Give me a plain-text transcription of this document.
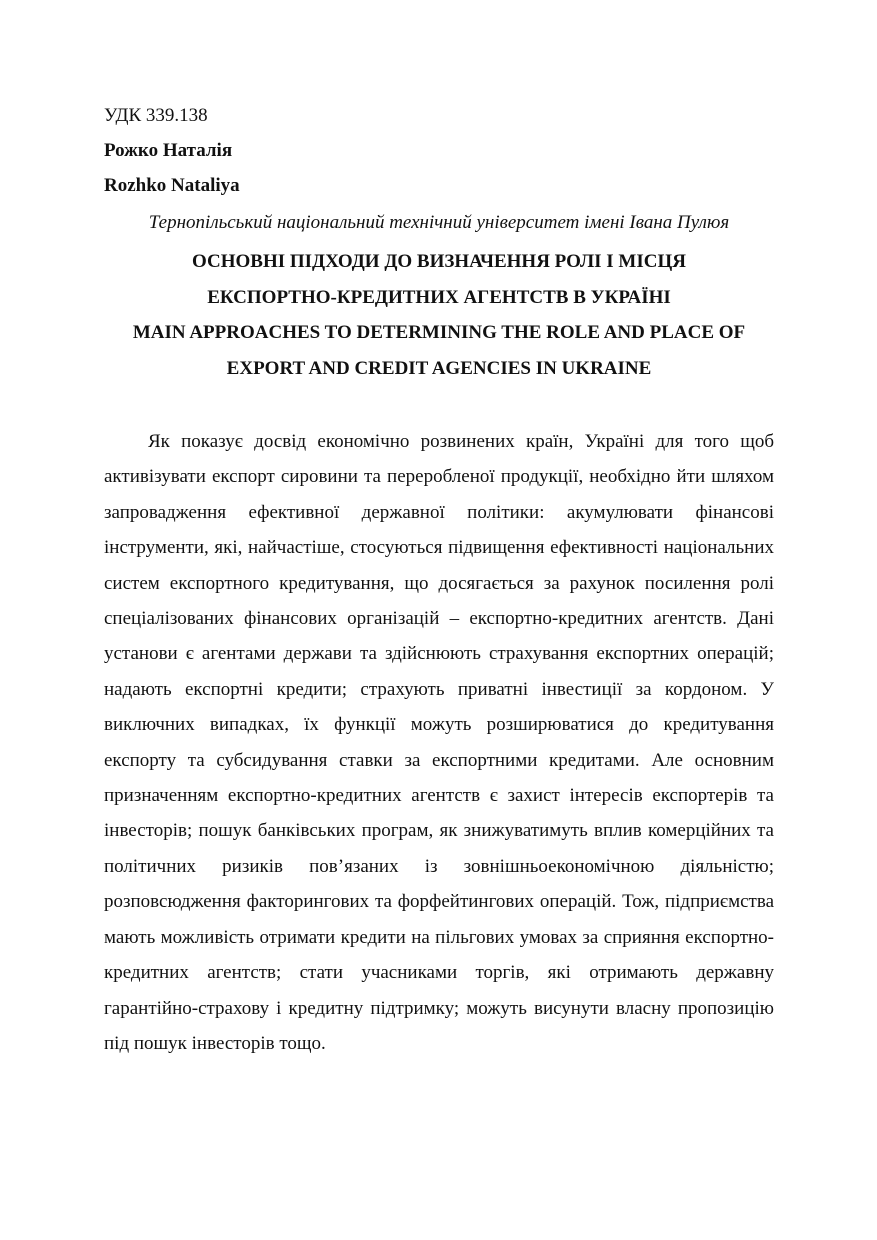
УДК 339.138
Рожко Наталія
Rozhko Nataliya
Тернопільський національний технічний університет імені Івана Пулюя
ОСНОВНІ ПІДХОДИ ДО ВИЗНАЧЕННЯ РОЛІ І МІСЦЯ
ЕКСПОРТНО-КРЕДИТНИХ АГЕНТСТВ В УКРАЇНІ
MAIN APPROACHES TO DETERMINING THE ROLE AND PLACE OF
EXPORT AND CREDIT AGENCIES IN UKRAINE

Як показує досвід економічно розвинених країн, Україні для того щоб активізувати експорт сировини та переробленої продукції, необхідно йти шляхом запровадження ефективної державної політики: акумулювати фінансові інструменти, які, найчастіше, стосуються підвищення ефективності національних систем експортного кредитування, що досягається за рахунок посилення ролі спеціалізованих фінансових організацій – експортно-кредитних агентств. Дані установи є агентами держави та здійснюють страхування експортних операцій; надають експортні кредити; страхують приватні інвестиції за кордоном. У виключних випадках, їх функції можуть розширюватися до кредитування експорту та субсидування ставки за експортними кредитами. Але основним призначенням експортно-кредитних агентств є захист інтересів експортерів та інвесторів; пошук банківських програм, як знижуватимуть вплив комерційних та політичних ризиків пов’язаних із зовнішньоекономічною діяльністю; розповсюдження факторингових та форфейтингових операцій. Тож, підприємства мають можливість отримати кредити на пільгових умовах за сприяння експортно-кредитних агентств; стати учасниками торгів, які отримають державну гарантійно-страхову і кредитну підтримку; можуть висунути власну пропозицію під пошук інвесторів тощо.
